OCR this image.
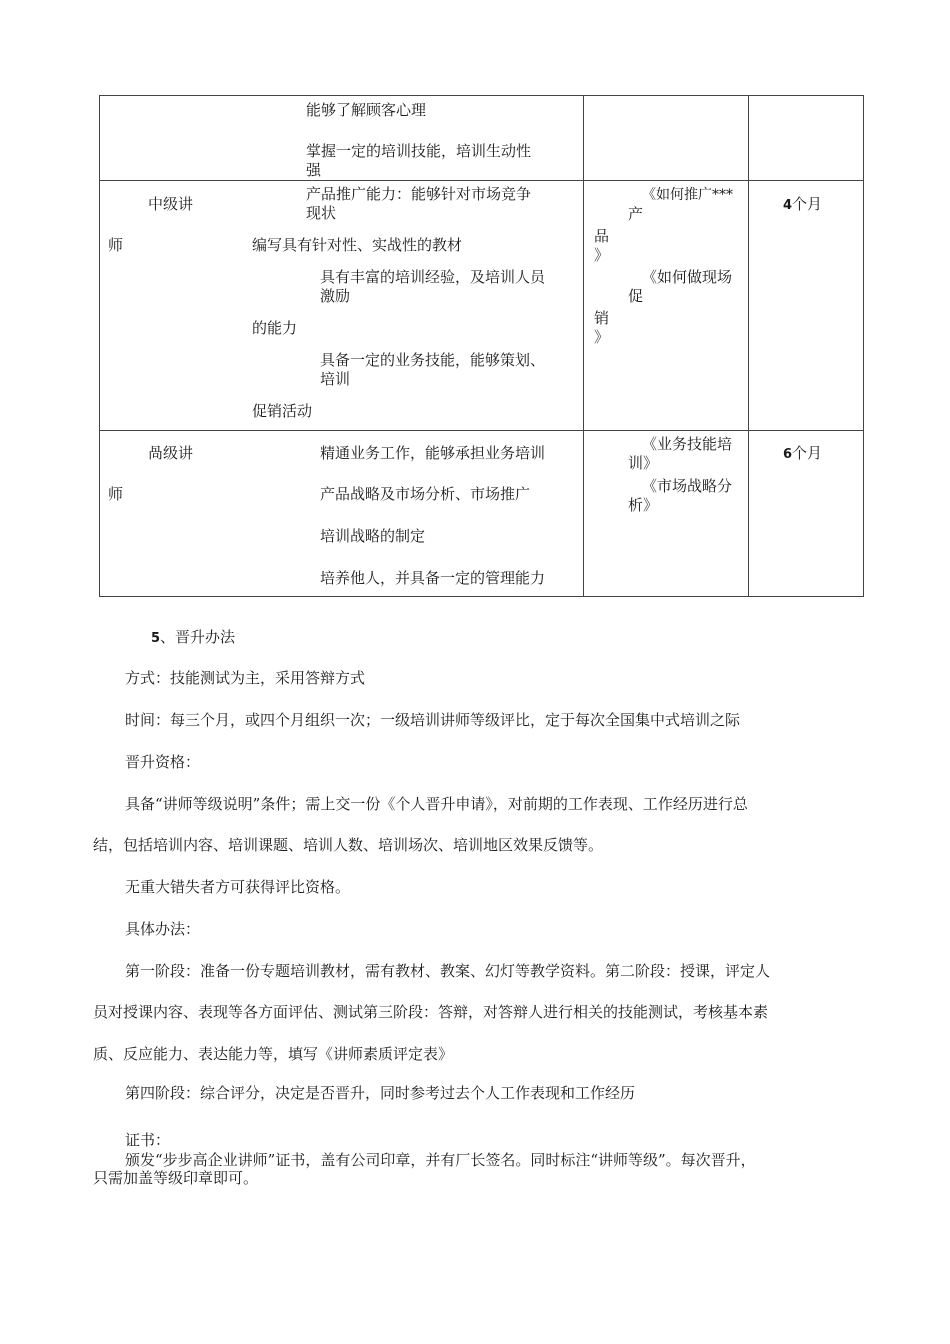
能够了解顾客心理
掌握一定的培训技能，培训生动性
强
中级讲
师
产品推广能力：能够针对市场竞争
现状
编写具有针对性、实战性的教材
具有丰富的培训经验，及培训人员
激励
的能力
具备一定的业务技能，能够策划、
培训
促销活动
《如何推广***
产
品
》
《如何做现场
促
销
》
4个月
咼级讲
师
精通业务工作，能够承担业务培训
产品战略及市场分析、市场推广
培训战略的制定
培养他人，并具备一定的管理能力
《业务技能培
训》
《市场战略分
析》
6个月
5、晋升办法
方式：技能测试为主，采用答辩方式
时间：每三个月，或四个月组织一次；一级培训讲师等级评比，定于每次全国集中式培训之际
晋升资格：
具备“讲师等级说明”条件；需上交一份《个人晋升申请》，对前期的工作表现、工作经历进行总
结，包括培训内容、培训课题、培训人数、培训场次、培训地区效果反馈等。
无重大错失者方可获得评比资格。
具体办法：
第一阶段：准备一份专题培训教材，需有教材、教案、幻灯等教学资料。第二阶段：授课，评定人
员对授课内容、表现等各方面评估、测试第三阶段：答辩，对答辩人进行相关的技能测试，考核基本素
质、反应能力、表达能力等，填写《讲师素质评定表》
第四阶段：综合评分，决定是否晋升，同时参考过去个人工作表现和工作经历
证书：
颁发“步步高企业讲师”证书，盖有公司印章，并有厂长签名。同时标注“讲师等级”。每次晋升，
只需加盖等级印章即可。
